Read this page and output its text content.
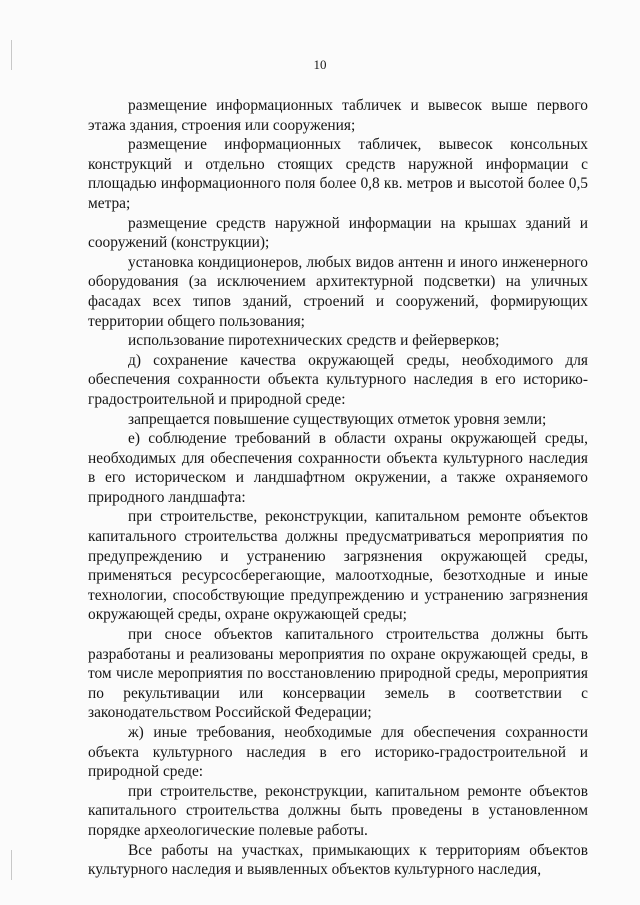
10

размещение информационных табличек и вывесок выше первого этажа здания, строения или сооружения;

размещение информационных табличек, вывесок консольных конструкций и отдельно стоящих средств наружной информации с площадью информационного поля более 0,8 кв. метров и высотой более 0,5 метра;

размещение средств наружной информации на крышах зданий и сооружений (конструкции);

установка кондиционеров, любых видов антенн и иного инженерного оборудования (за исключением архитектурной подсветки) на уличных фасадах всех типов зданий, строений и сооружений, формирующих территории общего пользования;

использование пиротехнических средств и фейерверков;

д) сохранение качества окружающей среды, необходимого для обеспечения сохранности объекта культурного наследия в его историко-градостроительной и природной среде:

запрещается повышение существующих отметок уровня земли;

е) соблюдение требований в области охраны окружающей среды, необходимых для обеспечения сохранности объекта культурного наследия в его историческом и ландшафтном окружении, а также охраняемого природного ландшафта:

при строительстве, реконструкции, капитальном ремонте объектов капитального строительства должны предусматриваться мероприятия по предупреждению и устранению загрязнения окружающей среды, применяться ресурсосберегающие, малоотходные, безотходные и иные технологии, способствующие предупреждению и устранению загрязнения окружающей среды, охране окружающей среды;

при сносе объектов капитального строительства должны быть разработаны и реализованы мероприятия по охране окружающей среды, в том числе мероприятия по восстановлению природной среды, мероприятия по рекультивации или консервации земель в соответствии с законодательством Российской Федерации;

ж) иные требования, необходимые для обеспечения сохранности объекта культурного наследия в его историко-градостроительной и природной среде:

при строительстве, реконструкции, капитальном ремонте объектов капитального строительства должны быть проведены в установленном порядке археологические полевые работы.

Все работы на участках, примыкающих к территориям объектов культурного наследия и выявленных объектов культурного наследия,
